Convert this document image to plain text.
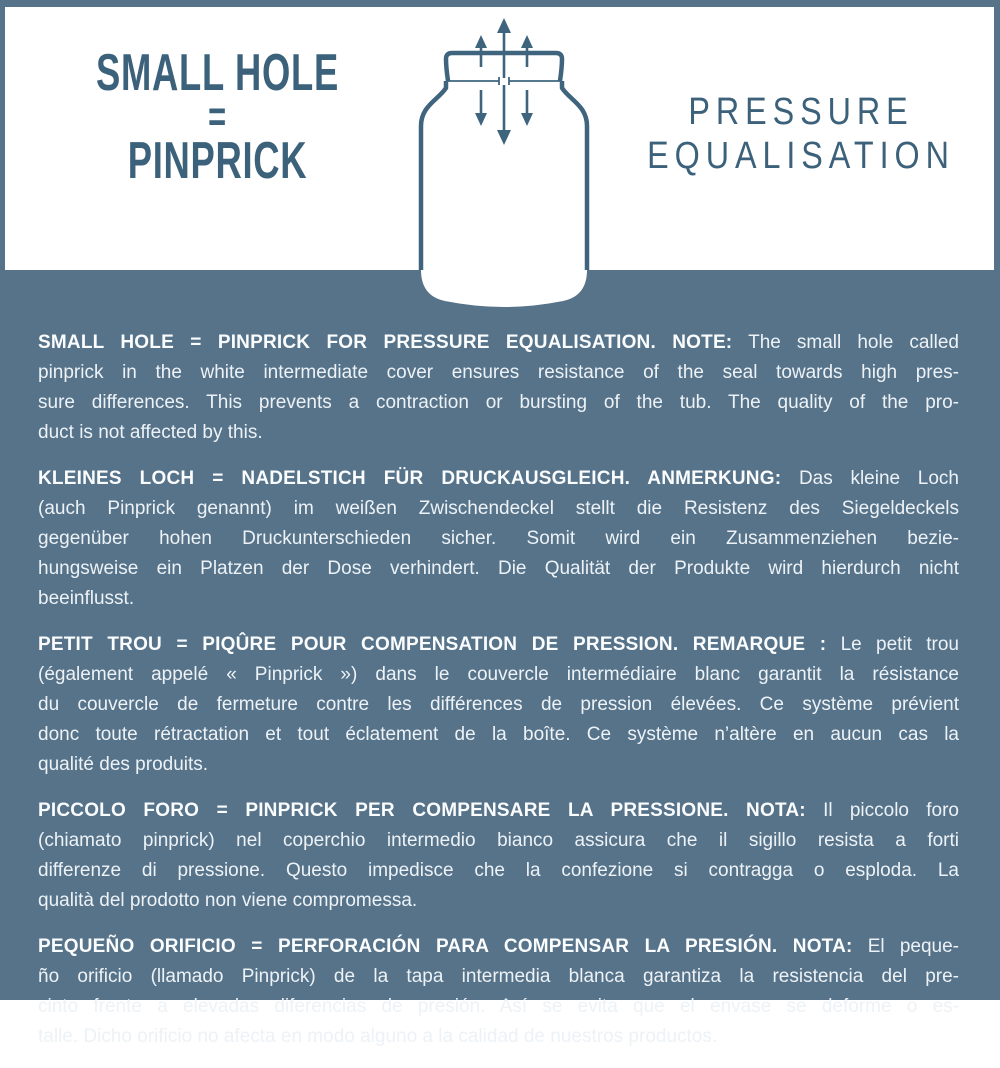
SMALL HOLE
=
PINPRICK
PRESSURE
EQUALISATION
SMALL HOLE = PINPRICK FOR PRESSURE EQUALISATION. NOTE: The small hole called
pinprick in the white intermediate cover ensures resistance of the seal towards high pres-
sure differences. This prevents a contraction or bursting of the tub. The quality of the pro-
duct is not affected by this.
KLEINES LOCH = NADELSTICH FÜR DRUCKAUSGLEICH. ANMERKUNG: Das kleine Loch
(auch Pinprick genannt) im weißen Zwischendeckel stellt die Resistenz des Siegeldeckels
gegenüber hohen Druckunterschieden sicher. Somit wird ein Zusammenziehen bezie-
hungsweise ein Platzen der Dose verhindert. Die Qualität der Produkte wird hierdurch nicht
beeinflusst.
PETIT TROU = PIQÛRE POUR COMPENSATION DE PRESSION. REMARQUE : Le petit trou
(également appelé « Pinprick ») dans le couvercle intermédiaire blanc garantit la résistance
du couvercle de fermeture contre les différences de pression élevées. Ce système prévient
donc toute rétractation et tout éclatement de la boîte. Ce système n’altère en aucun cas la
qualité des produits.
PICCOLO FORO = PINPRICK PER COMPENSARE LA PRESSIONE. NOTA: Il piccolo foro
(chiamato pinprick) nel coperchio intermedio bianco assicura che il sigillo resista a forti
differenze di pressione. Questo impedisce che la confezione si contragga o esploda. La
qualità del prodotto non viene compromessa.
PEQUEÑO ORIFICIO = PERFORACIÓN PARA COMPENSAR LA PRESIÓN. NOTA: El peque-
ño orificio (llamado Pinprick) de la tapa intermedia blanca garantiza la resistencia del pre-
cinto frente a elevadas diferencias de presión. Así se evita que el envase se deforme o es-
talle. Dicho orificio no afecta en modo alguno a la calidad de nuestros productos.
